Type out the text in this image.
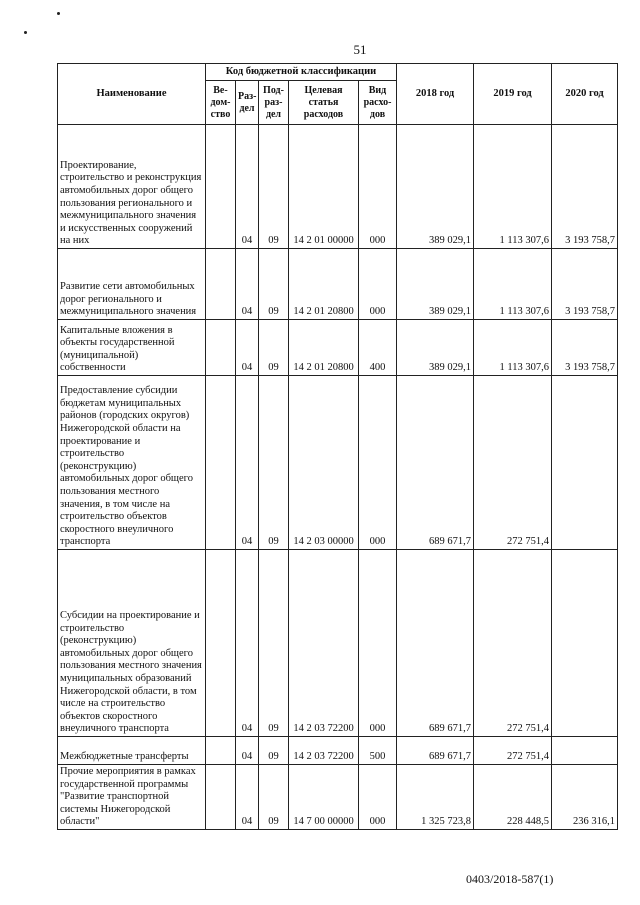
51
Наименование	Код бюджетной классификации					2018 год	2019 год	2020 год
	Ве-дом-ство	Раз-дел	Под-раз-дел	Целевая статья расходов	Вид расхо-дов			
Проектирование, строительство и реконструкция автомобильных дорог общего пользования регионального и межмуниципального значения и искусственных сооружений на них		04	09	14 2 01 00000	000	389 029,1	1 113 307,6	3 193 758,7
Развитие сети автомобильных дорог регионального и межмуниципального значения		04	09	14 2 01 20800	000	389 029,1	1 113 307,6	3 193 758,7
Капитальные вложения в объекты государственной (муниципальной) собственности		04	09	14 2 01 20800	400	389 029,1	1 113 307,6	3 193 758,7
Предоставление субсидии бюджетам муниципальных районов (городских округов) Нижегородской области на проектирование и строительство (реконструкцию) автомобильных дорог общего пользования местного значения, в том числе на строительство объектов скоростного внеуличного транспорта		04	09	14 2 03 00000	000	689 671,7	272 751,4	
Субсидии на проектирование и строительство (реконструкцию) автомобильных дорог общего пользования местного значения муниципальных образований Нижегородской области, в том числе на строительство объектов скоростного внеуличного транспорта		04	09	14 2 03 72200	000	689 671,7	272 751,4	
Межбюджетные трансферты		04	09	14 2 03 72200	500	689 671,7	272 751,4	
Прочие мероприятия в рамках государственной программы "Развитие транспортной системы Нижегородской области"		04	09	14 7 00 00000	000	1 325 723,8	228 448,5	236 316,1
0403/2018-587(1)
